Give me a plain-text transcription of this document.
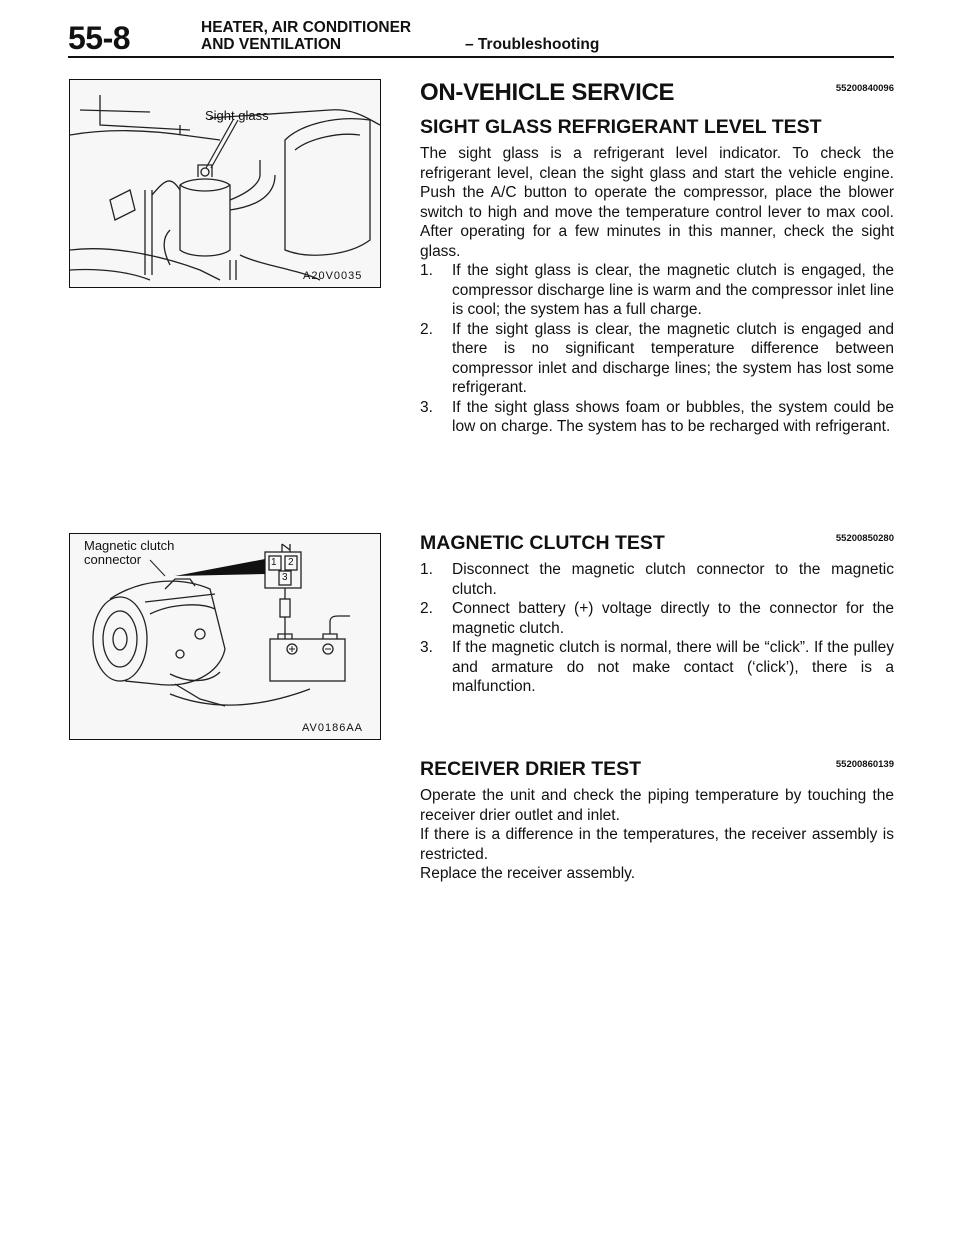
55-8	HEATER, AIR CONDITIONER
AND VENTILATION	– Troubleshooting
Sight glass
A20V0035
Magnetic clutch
connector	1 2
3
AV0186AA
ON-VEHICLE SERVICE	55200840096
SIGHT GLASS REFRIGERANT LEVEL TEST

The sight glass is a refrigerant level indicator. To check the refrigerant level, clean the sight glass and start the vehicle engine. Push the A/C button to operate the compressor, place the blower switch to high and move the temperature control lever to max cool. After operating for a few minutes in this manner, check the sight glass.

1. If the sight glass is clear, the magnetic clutch is engaged, the compressor discharge line is warm and the compressor inlet line is cool; the system has a full charge.
2. If the sight glass is clear, the magnetic clutch is engaged and there is no significant temperature difference between compressor inlet and discharge lines; the system has lost some refrigerant.
3. If the sight glass shows foam or bubbles, the system could be low on charge. The system has to be recharged with refrigerant.
MAGNETIC CLUTCH TEST	55200850280
1. Disconnect the magnetic clutch connector to the magnetic clutch.
2. Connect battery (+) voltage directly to the connector for the magnetic clutch.
3. If the magnetic clutch is normal, there will be “click”. If the pulley and armature do not make contact (‘click’), there is a malfunction.
RECEIVER DRIER TEST	55200860139

Operate the unit and check the piping temperature by touching the receiver drier outlet and inlet.

If there is a difference in the temperatures, the receiver assembly is restricted.

Replace the receiver assembly.
